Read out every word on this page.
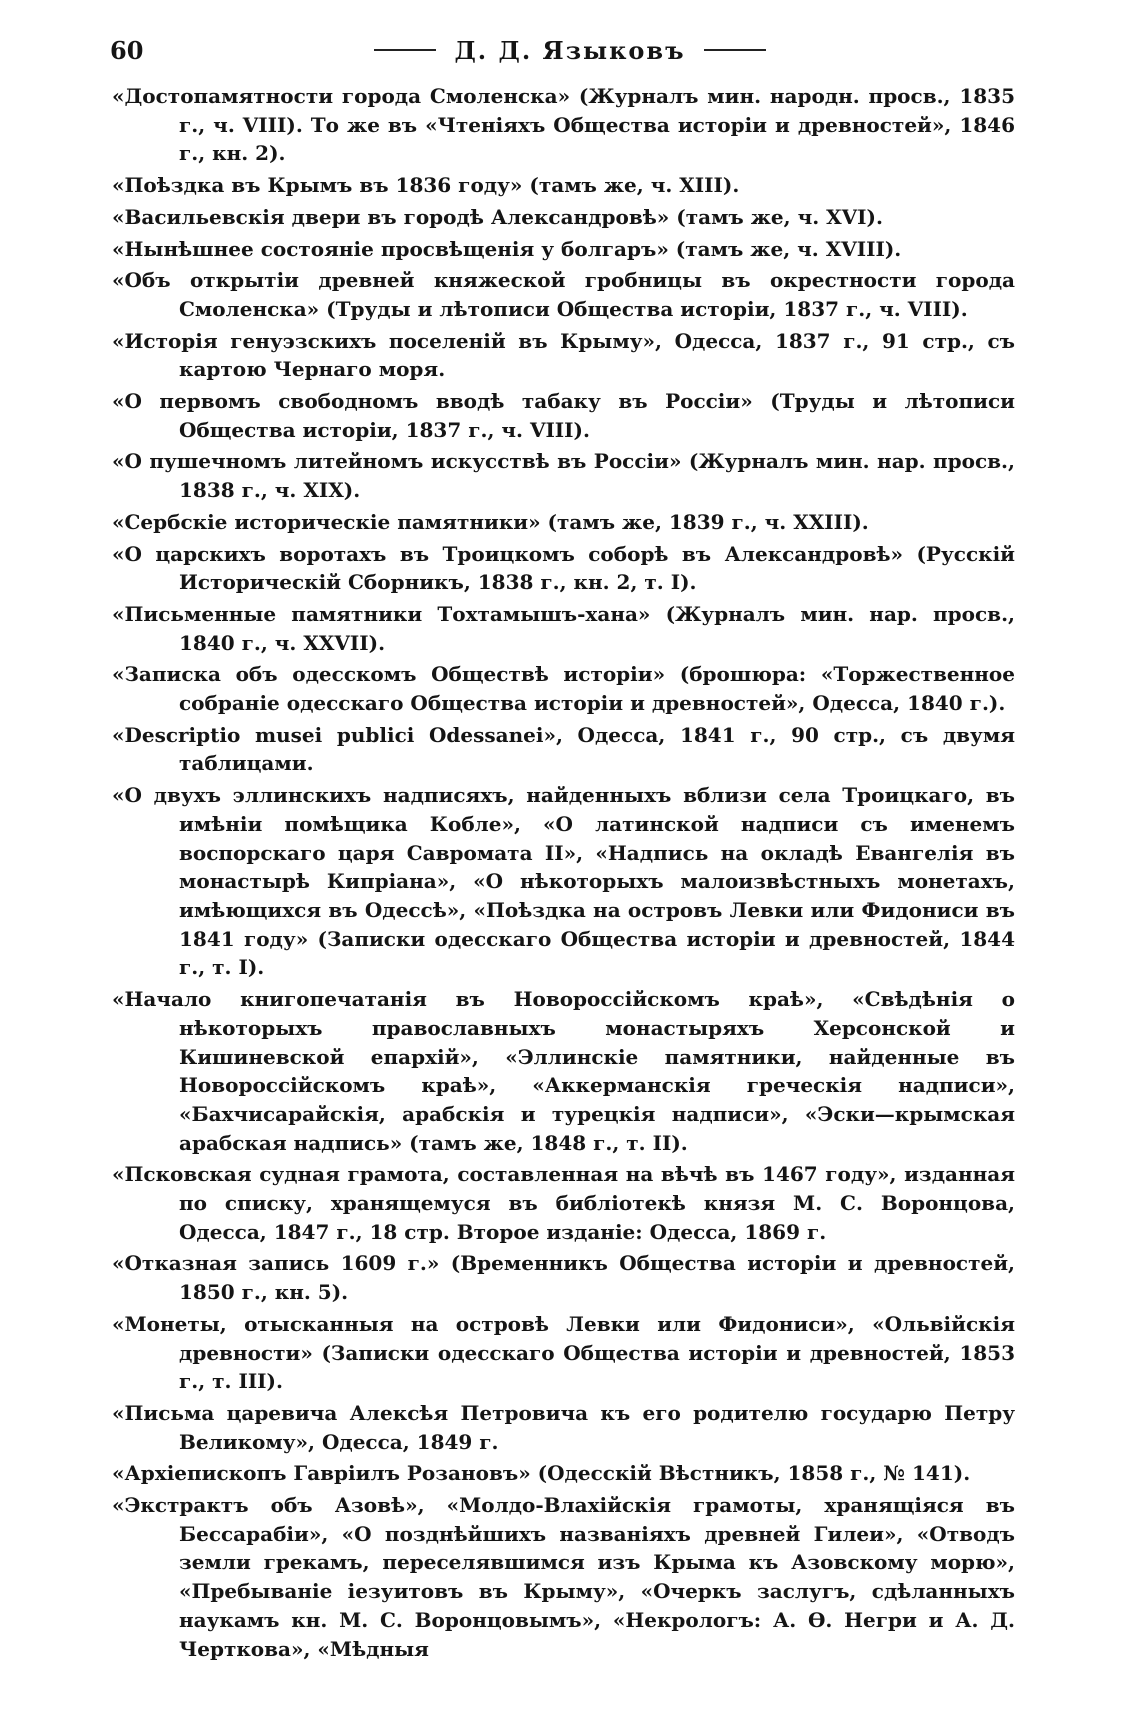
60	Д. Д. Языковъ
«Достопамятности города Смоленска» (Журналъ мин. народн. просв., 1835 г., ч. VIII). То же въ «Чтеніяхъ Общества исторіи и древностей», 1846 г., кн. 2).
«Поѣздка въ Крымъ въ 1836 году» (тамъ же, ч. XIII).
«Васильевскія двери въ городѣ Александровѣ» (тамъ же, ч. XVI).
«Нынѣшнее состояніе просвѣщенія у болгаръ» (тамъ же, ч. XVIII).
«Объ открытіи древней княжеской гробницы въ окрестности города Смоленска» (Труды и лѣтописи Общества исторіи, 1837 г., ч. VIII).
«Исторія генуэзскихъ поселеній въ Крыму», Одесса, 1837 г., 91 стр., съ картою Чернаго моря.
«О первомъ свободномъ вводѣ табаку въ Россіи» (Труды и лѣтописи Общества исторіи, 1837 г., ч. VIII).
«О пушечномъ литейномъ искусствѣ въ Россіи» (Журналъ мин. нар. просв., 1838 г., ч. XIX).
«Сербскіе историческіе памятники» (тамъ же, 1839 г., ч. XXIII).
«О царскихъ воротахъ въ Троицкомъ соборѣ въ Александровѣ» (Русскій Историческій Сборникъ, 1838 г., кн. 2, т. I).
«Письменные памятники Тохтамышъ-хана» (Журналъ мин. нар. просв., 1840 г., ч. XXVII).
«Записка объ одесскомъ Обществѣ исторіи» (брошюра: «Торжественное собраніе одесскаго Общества исторіи и древностей», Одесса, 1840 г.).
«Descriptio musei publici Odessanei», Одесса, 1841 г., 90 стр., съ двумя таблицами.
«О двухъ эллинскихъ надписяхъ, найденныхъ вблизи села Троицкаго, въ имѣніи помѣщика Кобле», «О латинской надписи съ именемъ воспорскаго царя Савромата II», «Надпись на окладѣ Евангелія въ монастырѣ Кипріана», «О нѣкоторыхъ малоизвѣстныхъ монетахъ, имѣющихся въ Одессѣ», «Поѣздка на островъ Левки или Фидониси въ 1841 году» (Записки одесскаго Общества исторіи и древностей, 1844 г., т. I).
«Начало книгопечатанія въ Новороссійскомъ краѣ», «Свѣдѣнія о нѣкоторыхъ православныхъ монастыряхъ Херсонской и Кишиневской епархій», «Эллинскіе памятники, найденные въ Новороссійскомъ краѣ», «Аккерманскія греческія надписи», «Бахчисарайскія, арабскія и турецкія надписи», «Эски—крымская арабская надпись» (тамъ же, 1848 г., т. II).
«Псковская судная грамота, составленная на вѣчѣ въ 1467 году», изданная по списку, хранящемуся въ библіотекѣ князя М. С. Воронцова, Одесса, 1847 г., 18 стр. Второе изданіе: Одесса, 1869 г.
«Отказная запись 1609 г.» (Временникъ Общества исторіи и древностей, 1850 г., кн. 5).
«Монеты, отысканныя на островѣ Левки или Фидониси», «Ольвійскія древности» (Записки одесскаго Общества исторіи и древностей, 1853 г., т. III).
«Письма царевича Алексѣя Петровича къ его родителю государю Петру Великому», Одесса, 1849 г.
«Архіепископъ Гавріилъ Розановъ» (Одесскій Вѣстникъ, 1858 г., № 141).
«Экстрактъ объ Азовѣ», «Молдо-Влахійскія грамоты, хранящіяся въ Бессарабіи», «О позднѣйшихъ названіяхъ древней Гилеи», «Отводъ земли грекамъ, переселявшимся изъ Крыма къ Азовскому морю», «Пребываніе іезуитовъ въ Крыму», «Очеркъ заслугъ, сдѣланныхъ наукамъ кн. М. С. Воронцовымъ», «Некрологъ: А. Ѳ. Негри и А. Д. Черткова», «Мѣдныя
